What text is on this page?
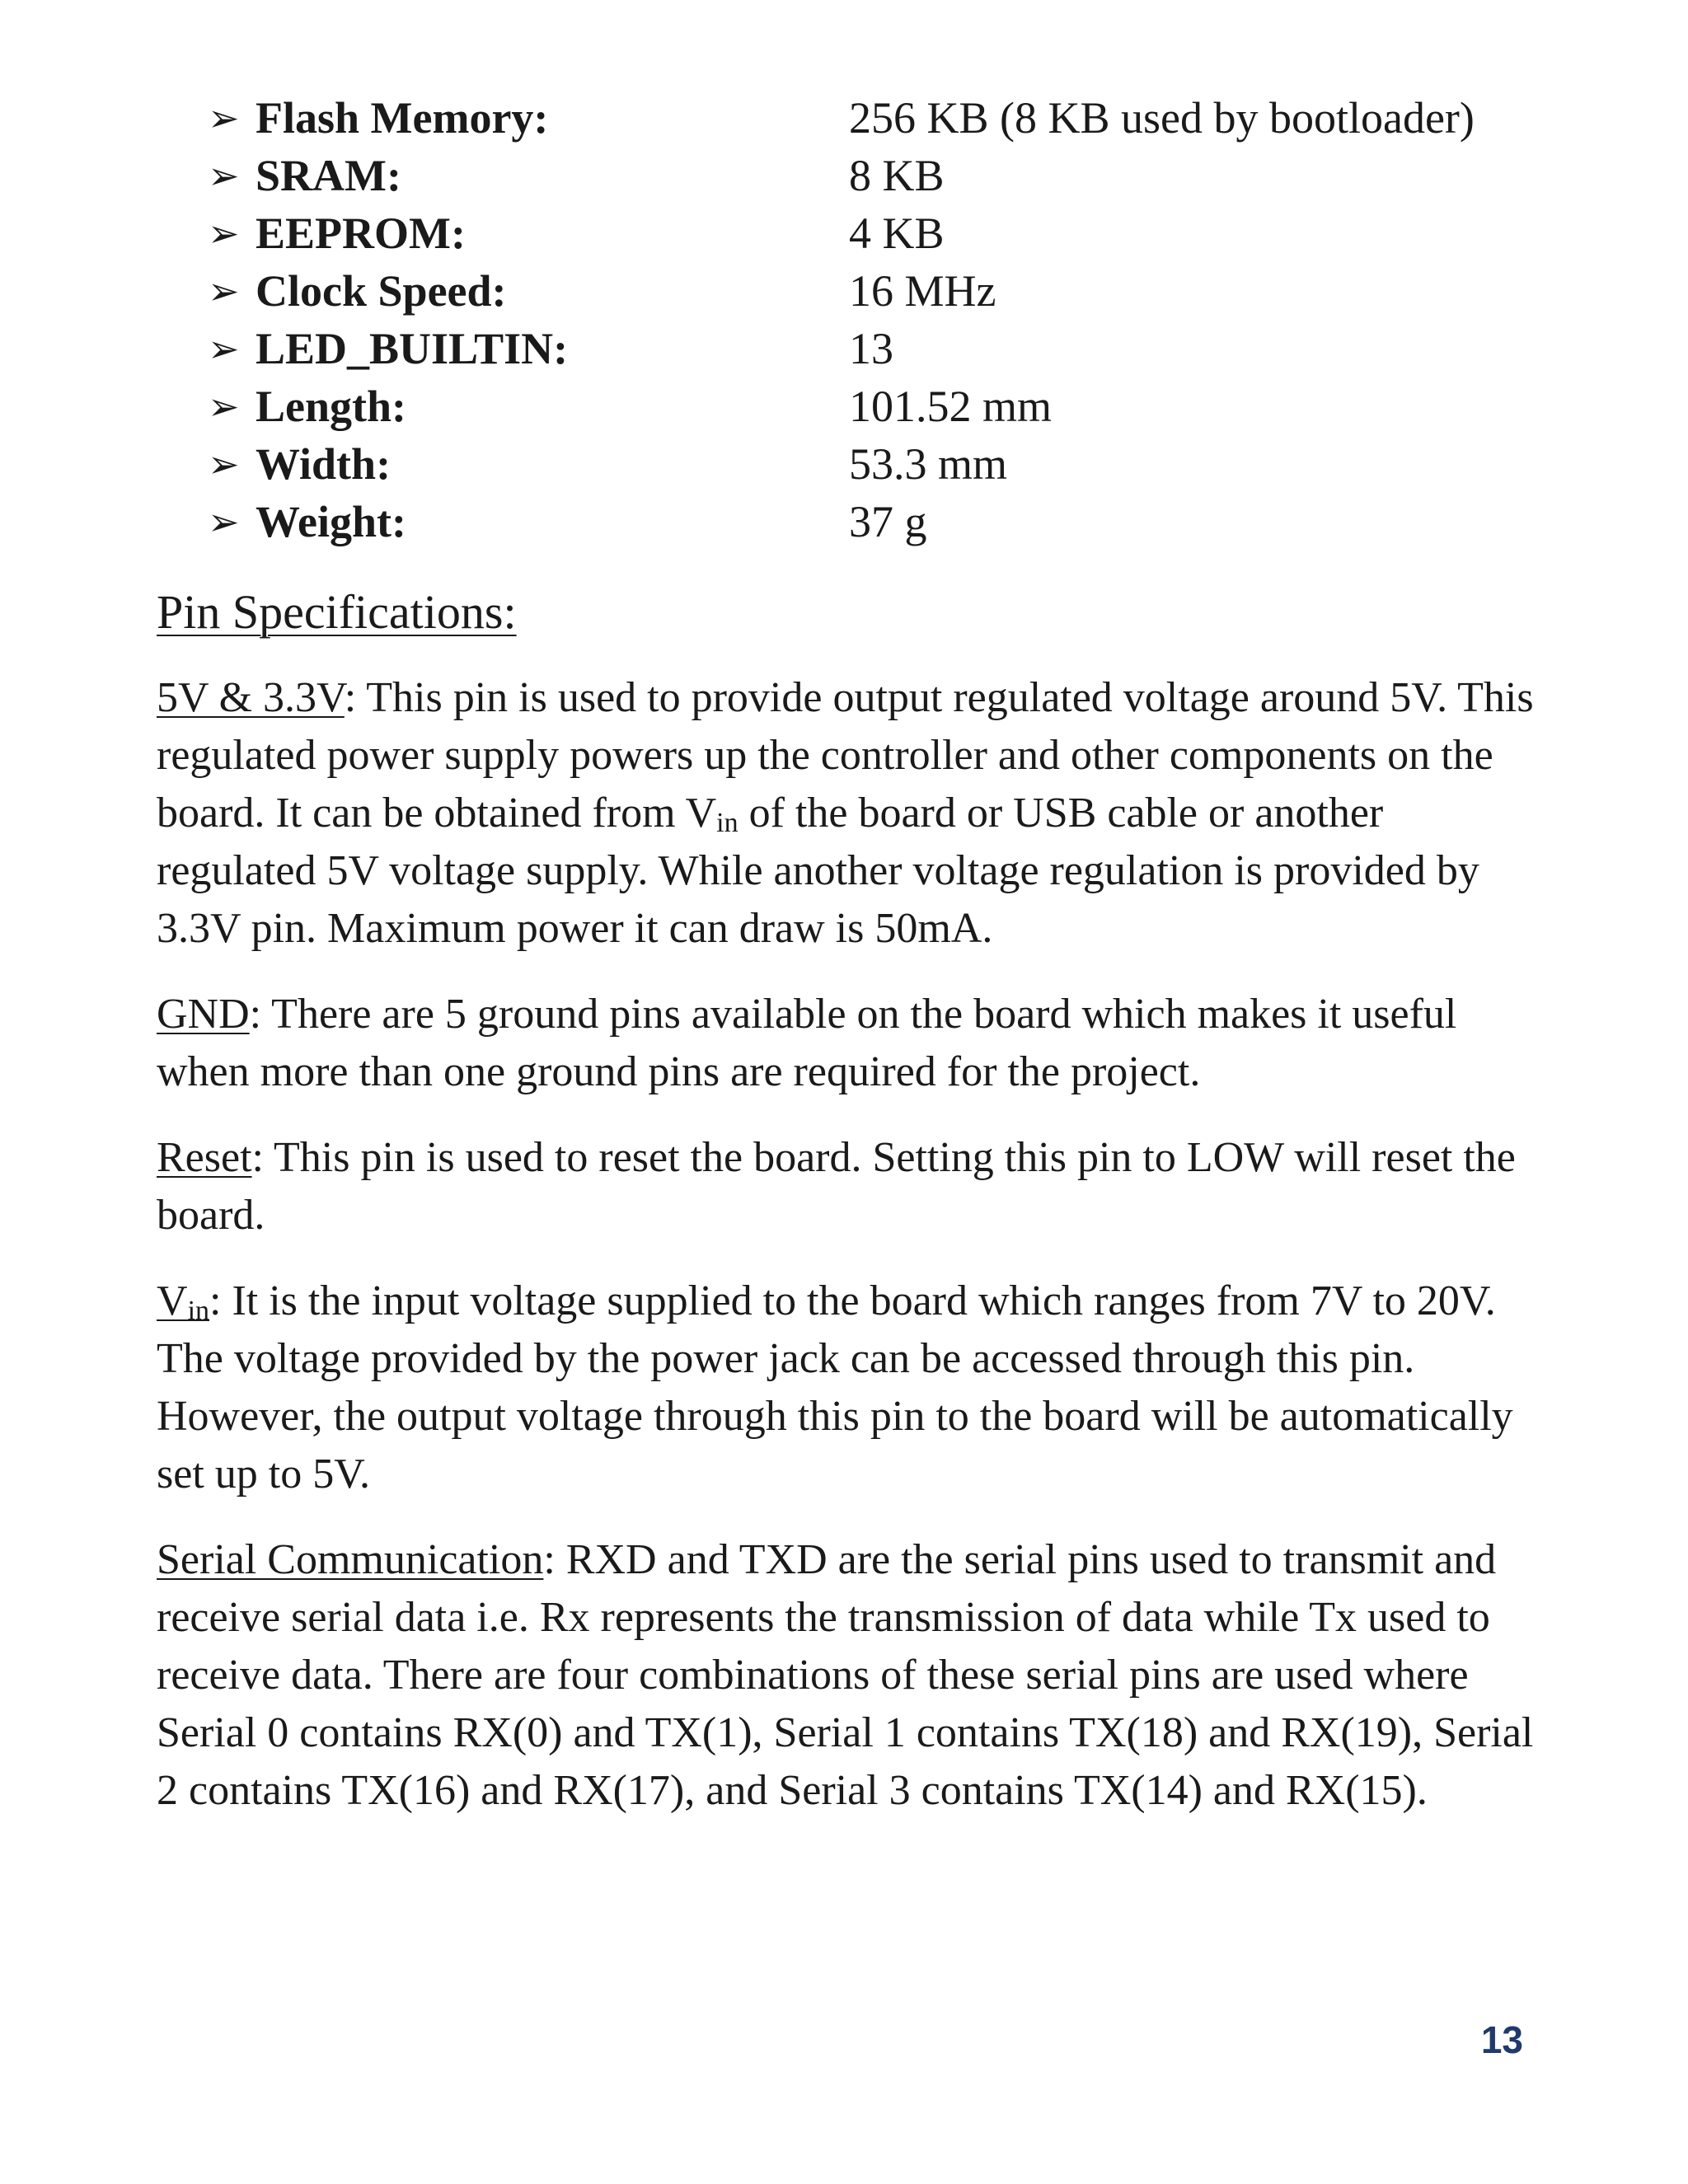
➢ Flash Memory:	256 KB (8 KB used by bootloader)
➢ SRAM:	8 KB
➢ EEPROM:	4 KB
➢ Clock Speed:	16 MHz
➢ LED_BUILTIN:	13
➢ Length:	101.52 mm
➢ Width:	53.3 mm
➢ Weight:	37 g
Pin Specifications:

5V & 3.3V: This pin is used to provide output regulated voltage around 5V. This regulated power supply powers up the controller and other components on the board. It can be obtained from $V_{in}$ of the board or USB cable or another regulated 5V voltage supply. While another voltage regulation is provided by 3.3V pin. Maximum power it can draw is 50mA.

GND: There are 5 ground pins available on the board which makes it useful when more than one ground pins are required for the project.

Reset: This pin is used to reset the board. Setting this pin to LOW will reset the board.

$V_{in}$: It is the input voltage supplied to the board which ranges from 7V to 20V. The voltage provided by the power jack can be accessed through this pin. However, the output voltage through this pin to the board will be automatically set up to 5V.

Serial Communication: RXD and TXD are the serial pins used to transmit and receive serial data i.e. Rx represents the transmission of data while Tx used to receive data. There are four combinations of these serial pins are used where Serial 0 contains RX(0) and TX(1), Serial 1 contains TX(18) and RX(19), Serial 2 contains TX(16) and RX(17), and Serial 3 contains TX(14) and RX(15).

13
